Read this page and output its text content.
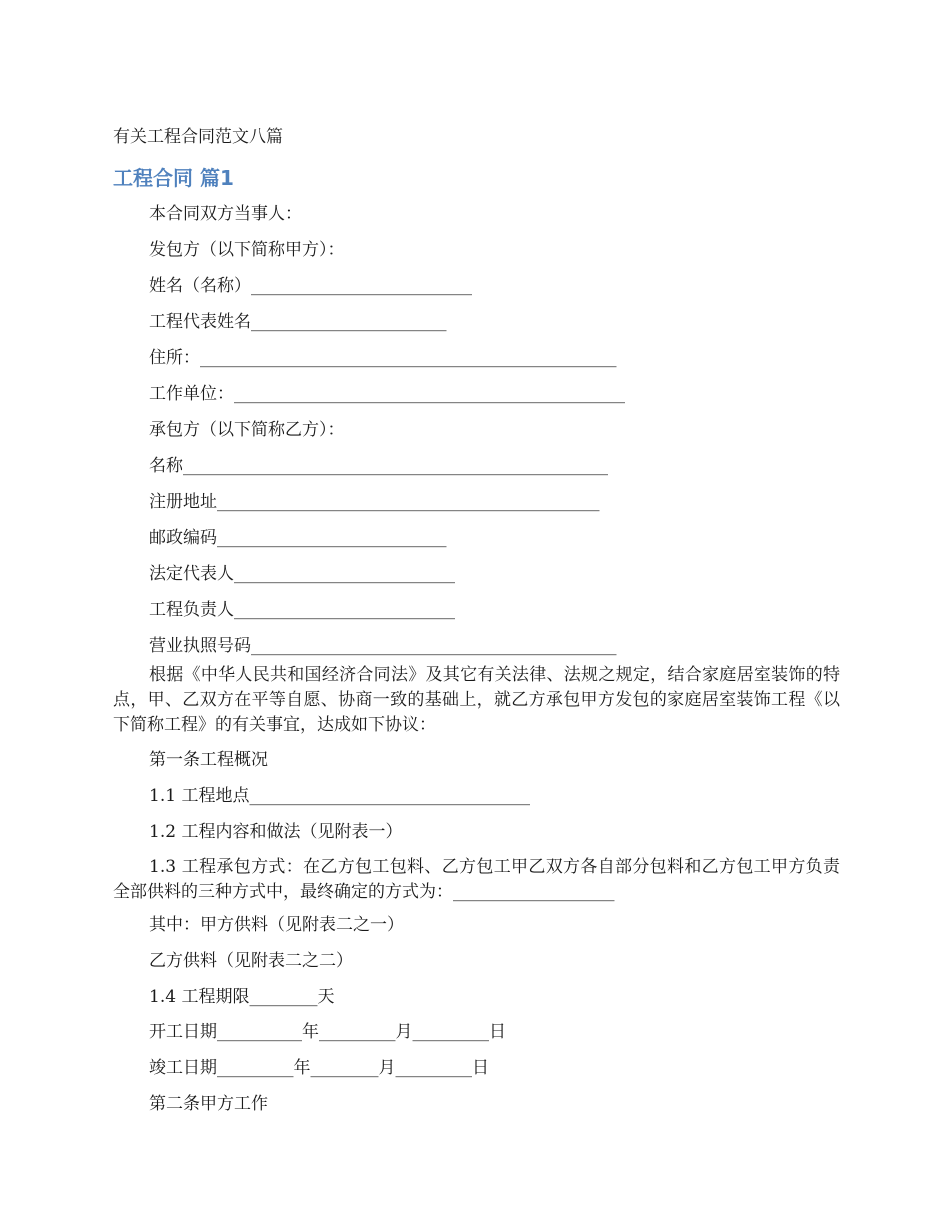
有关工程合同范文八篇
工程合同 篇1
本合同双方当事人：
发包方（以下简称甲方）：
姓名（名称）__________________________
工程代表姓名_______________________
住所：_________________________________________________
工作单位：______________________________________________
承包方（以下简称乙方）：
名称__________________________________________________
注册地址_____________________________________________
邮政编码___________________________
法定代表人__________________________
工程负责人__________________________
营业执照号码___________________________________________
根据《中华人民共和国经济合同法》及其它有关法律、法规之规定，结合家庭居室装饰的特点，甲、乙双方在平等自愿、协商一致的基础上，就乙方承包甲方发包的家庭居室装饰工程《以下简称工程》的有关事宜，达成如下协议：
第一条工程概况
1.1 工程地点_________________________________
1.2 工程内容和做法（见附表一）
1.3 工程承包方式：在乙方包工包料、乙方包工甲乙双方各自部分包料和乙方包工甲方负责全部供料的三种方式中，最终确定的方式为：___________________
其中：甲方供料（见附表二之一）
乙方供料（见附表二之二）
1.4 工程期限________天
开工日期__________年_________月_________日
竣工日期_________年________月_________日
第二条甲方工作
